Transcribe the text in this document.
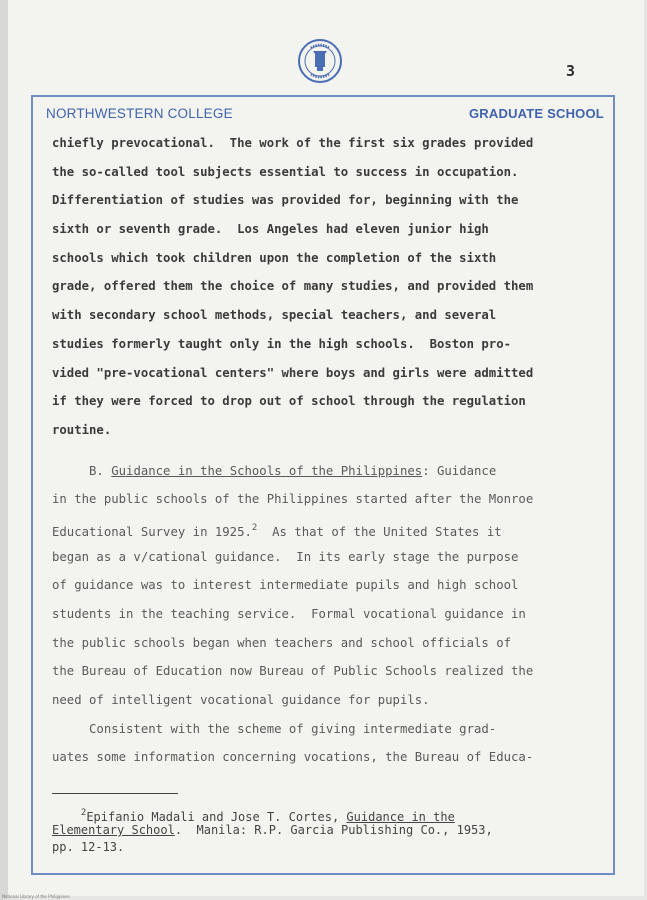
3
NORTHWESTERN COLLEGE	GRADUATE SCHOOL
chiefly prevocational.  The work of the first six grades provided
the so-called tool subjects essential to success in occupation.
Differentiation of studies was provided for, beginning with the
sixth or seventh grade.  Los Angeles had eleven junior high
schools which took children upon the completion of the sixth
grade, offered them the choice of many studies, and provided them
with secondary school methods, special teachers, and several
studies formerly taught only in the high schools.  Boston pro-
vided "pre-vocational centers" where boys and girls were admitted
if they were forced to drop out of school through the regulation
routine.
B. Guidance in the Schools of the Philippines: Guidance
in the public schools of the Philippines started after the Monroe
Educational Survey in 1925.$^2$  As that of the United States it
began as a v/cational guidance.  In its early stage the purpose
of guidance was to interest intermediate pupils and high school
students in the teaching service.  Formal vocational guidance in
the public schools began when teachers and school officials of
the Bureau of Education now Bureau of Public Schools realized the
need of intelligent vocational guidance for pupils.
Consistent with the scheme of giving intermediate grad-
uates some information concerning vocations, the Bureau of Educa-
$^2$Epifanio Madali and Jose T. Cortes, Guidance in the
Elementary School.  Manila: R.P. Garcia Publishing Co., 1953,
pp. 12-13.
National Library of the Philippines
